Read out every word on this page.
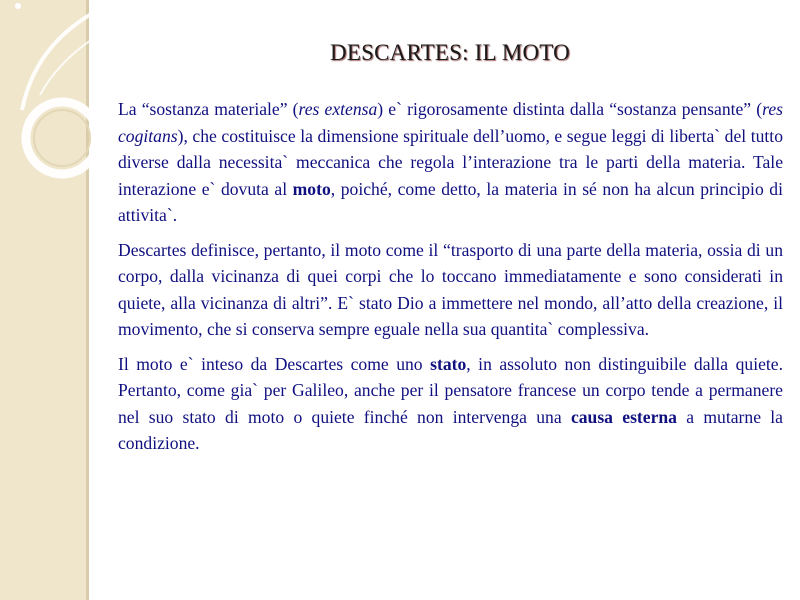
DESCARTES: IL MOTO

La “sostanza materiale” (res extensa) e` rigorosamente distinta dalla “sostanza pensante” (res cogitans), che costituisce la dimensione spirituale dell’uomo, e segue leggi di liberta` del tutto diverse dalla necessita` meccanica che regola l’interazione tra le parti della materia. Tale interazione e` dovuta al moto, poiché, come detto, la materia in sé non ha alcun principio di attivita`.

Descartes definisce, pertanto, il moto come il “trasporto di una parte della materia, ossia di un corpo, dalla vicinanza di quei corpi che lo toccano immediatamente e sono considerati in quiete, alla vicinanza di altri”. E` stato Dio a immettere nel mondo, all’atto della creazione, il movimento, che si conserva sempre eguale nella sua quantita` complessiva.

Il moto e` inteso da Descartes come uno stato, in assoluto non distinguibile dalla quiete. Pertanto, come gia` per Galileo, anche per il pensatore francese un corpo tende a permanere nel suo stato di moto o quiete finché non intervenga una causa esterna a mutarne la condizione.
